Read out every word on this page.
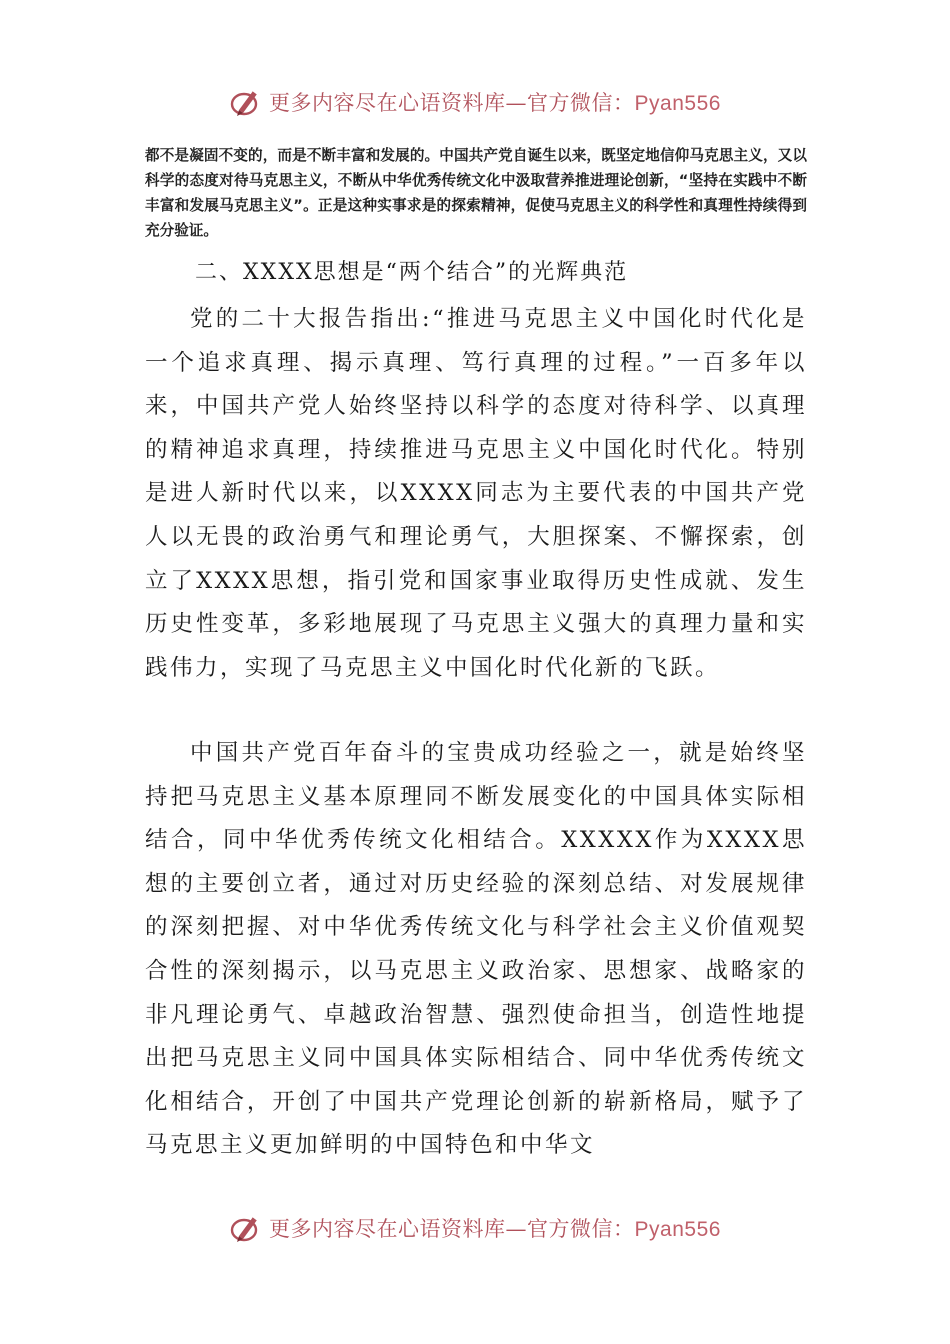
更多内容尽在心语资料库—官方微信：Pyan556
都不是凝固不变的，而是不断丰富和发展的。中国共产党自诞生以来，既坚定地信仰马克思主义，又以科学的态度对待马克思主义，不断从中华优秀传统文化中汲取营养推进理论创新，“坚持在实践中不断丰富和发展马克思主义”。正是这种实事求是的探索精神，促使马克思主义的科学性和真理性持续得到充分验证。
二、XXXX思想是“两个结合”的光辉典范
党的二十大报告指出:“推进马克思主义中国化时代化是一个追求真理、揭示真理、笃行真理的过程。”一百多年以来，中国共产党人始终坚持以科学的态度对待科学、以真理的精神追求真理，持续推进马克思主义中国化时代化。特别是进人新时代以来，以XXXX同志为主要代表的中国共产党人以无畏的政治勇气和理论勇气，大胆探案、不懈探索，创立了XXXX思想，指引党和国家事业取得历史性成就、发生历史性变革，多彩地展现了马克思主义强大的真理力量和实践伟力，实现了马克思主义中国化时代化新的飞跃。
中国共产党百年奋斗的宝贵成功经验之一，就是始终坚持把马克思主义基本原理同不断发展变化的中国具体实际相结合，同中华优秀传统文化相结合。XXXXX作为XXXX思想的主要创立者，通过对历史经验的深刻总结、对发展规律的深刻把握、对中华优秀传统文化与科学社会主义价值观契合性的深刻揭示，以马克思主义政治家、思想家、战略家的非凡理论勇气、卓越政治智慧、强烈使命担当，创造性地提出把马克思主义同中国具体实际相结合、同中华优秀传统文化相结合，开创了中国共产党理论创新的崭新格局，赋予了马克思主义更加鲜明的中国特色和中华文
更多内容尽在心语资料库—官方微信：Pyan556
